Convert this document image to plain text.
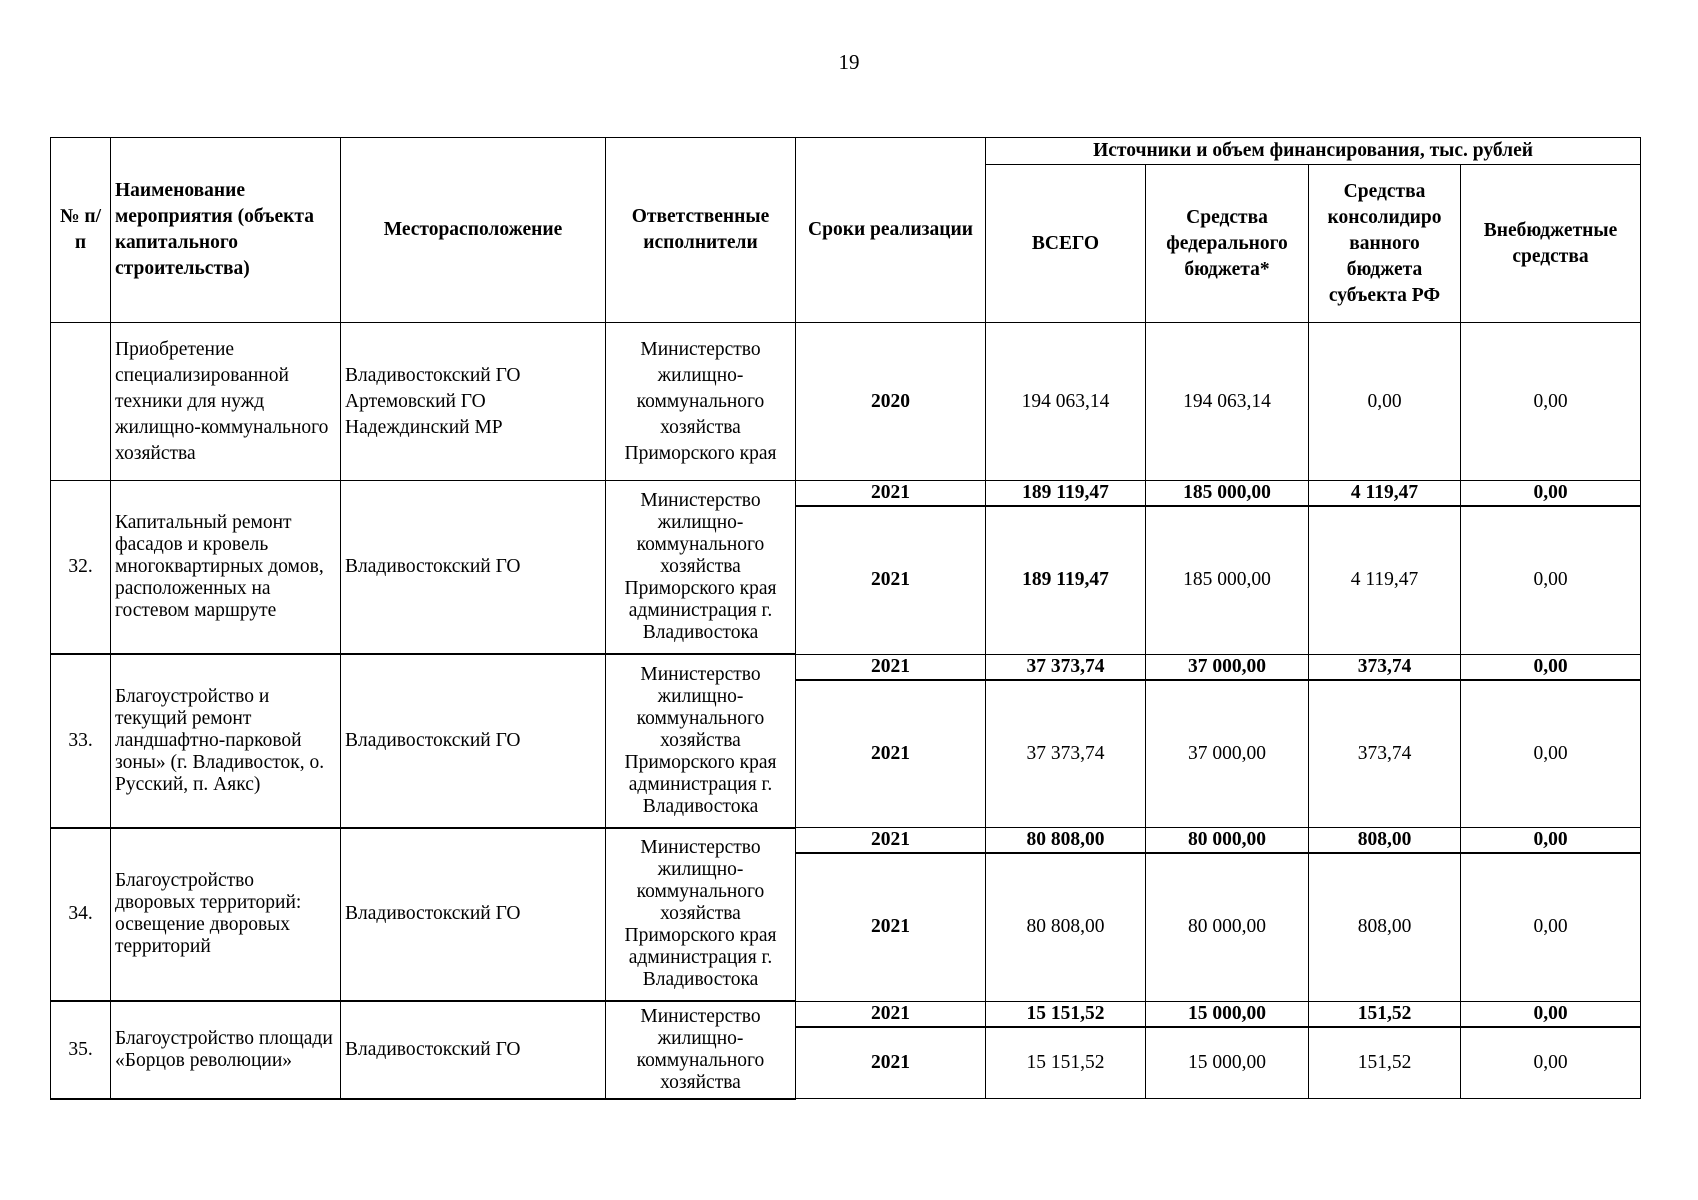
19
№ п/п	Наименование мероприятия (объекта капитального строительства)	Месторасположение	Ответственные исполнители	Сроки реализации	Источники и объем финансирования, тыс. рублей			
					ВСЕГО	Средства федерального бюджета*	Средства консолидиро ванного бюджета субъекта РФ	Внебюджетные средства
	Приобретение специализированной техники для нужд жилищно-коммунального хозяйства	Владивостокский ГО Артемовский ГО Надеждинский МР	Министерство жилищно-коммунального хозяйства Приморского края	2020	194 063,14	194 063,14	0,00	0,00
32.	Капитальный ремонт фасадов и кровель многоквартирных домов, расположенных на гостевом маршруте	Владивостокский ГО	Министерство жилищно-коммунального хозяйства Приморского края администрация г. Владивостока	2021	189 119,47	185 000,00	4 119,47	0,00
				2021	189 119,47	185 000,00	4 119,47	0,00
33.	Благоустройство и текущий ремонт ландшафтно-парковой зоны» (г. Владивосток, о. Русский, п. Аякс)	Владивостокский ГО	Министерство жилищно-коммунального хозяйства Приморского края администрация г. Владивостока	2021	37 373,74	37 000,00	373,74	0,00
				2021	37 373,74	37 000,00	373,74	0,00
34.	Благоустройство дворовых территорий: освещение дворовых территорий	Владивостокский ГО	Министерство жилищно-коммунального хозяйства Приморского края администрация г. Владивостока	2021	80 808,00	80 000,00	808,00	0,00
				2021	80 808,00	80 000,00	808,00	0,00
35.	Благоустройство площади «Борцов революции»	Владивостокский ГО	Министерство жилищно-коммунального хозяйства	2021	15 151,52	15 000,00	151,52	0,00
				2021	15 151,52	15 000,00	151,52	0,00
